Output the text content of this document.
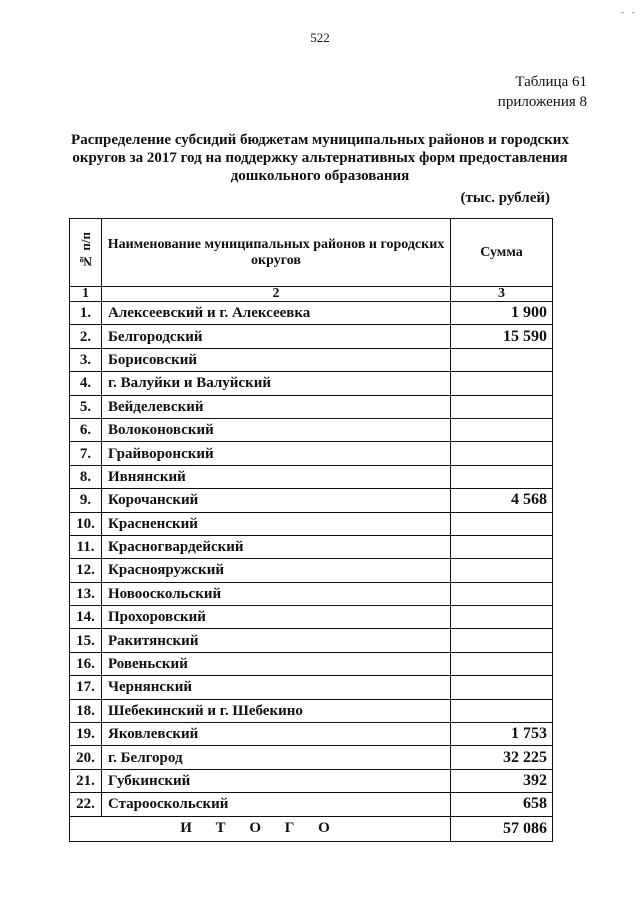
- -
522
Таблица 61
приложения 8
Распределение субсидий бюджетам муниципальных районов и городских округов за 2017 год на поддержку альтернативных форм предоставления дошкольного образования
(тыс. рублей)
№ п/п	Наименование муниципальных районов и городских округов	Сумма
1	2	3
1.	Алексеевский и г. Алексеевка	1 900
2.	Белгородский	15 590
3.	Борисовский	
4.	г. Валуйки и Валуйский	
5.	Вейделевский	
6.	Волоконовский	
7.	Грайворонский	
8.	Ивнянский	
9.	Корочанский	4 568
10.	Красненский	
11.	Красногвардейский	
12.	Краснояружский	
13.	Новооскольский	
14.	Прохоровский	
15.	Ракитянский	
16.	Ровеньский	
17.	Чернянский	
18.	Шебекинский и г. Шебекино	
19.	Яковлевский	1 753
20.	г. Белгород	32 225
21.	Губкинский	392
22.	Старооскольский	658
И Т О Г О		57 086
